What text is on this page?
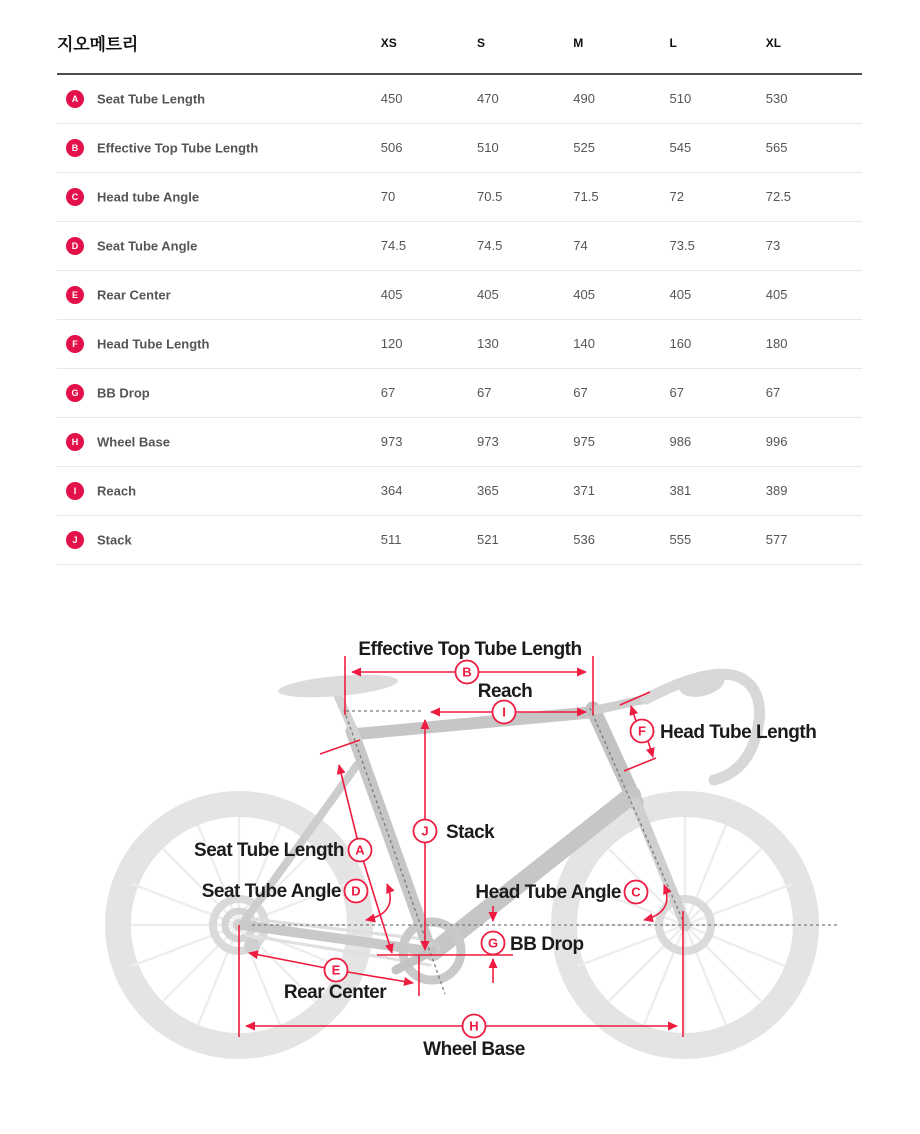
지오메트리	XS	S	M	L	XL
A Seat Tube Length	450	470	490	510	530
B Effective Top Tube Length	506	510	525	545	565
C Head tube Angle	70	70.5	71.5	72	72.5
D Seat Tube Angle	74.5	74.5	74	73.5	73
E Rear Center	405	405	405	405	405
F Head Tube Length	120	130	140	160	180
G BB Drop	67	67	67	67	67
H Wheel Base	973	973	975	986	996
I Reach	364	365	371	381	389
J Stack	511	521	536	555	577
B
I
F
J
A
D	C
G
E
H
Effective Top Tube Length
Reach
Head Tube Length
Stack
Seat Tube Length
Seat Tube Angle	Head Tube Angle
BB Drop
Rear Center
Wheel Base
